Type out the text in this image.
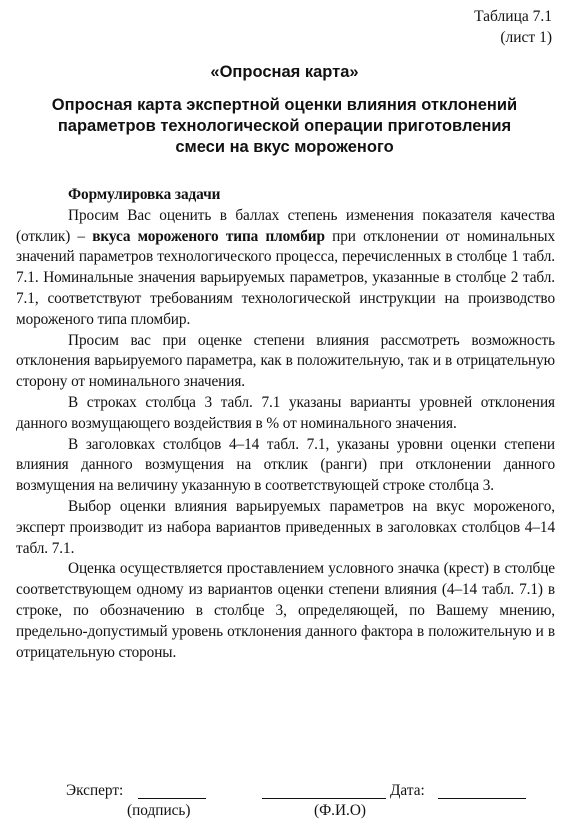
Таблица 7.1
(лист 1)
«Опросная карта»
Опросная карта экспертной оценки влияния отклонений
параметров технологической операции приготовления
смеси на вкус мороженого

Формулировка задачи

Просим Вас оценить в баллах степень изменения показателя качества (отклик) – вкуса мороженого типа пломбир при отклонении от номинальных значений параметров технологического процесса, перечисленных в столбце 1 табл. 7.1. Номинальные значения варьируемых параметров, указанные в столбце 2 табл. 7.1, соответствуют требованиям технологической инструкции на производство мороженого типа пломбир.

Просим вас при оценке степени влияния рассмотреть возможность отклонения варьируемого параметра, как в положительную, так и в отрицательную сторону от номинального значения.

В строках столбца 3 табл. 7.1 указаны варианты уровней отклонения данного возмущающего воздействия в % от номинального значения.

В заголовках столбцов 4–14 табл. 7.1, указаны уровни оценки степени влияния данного возмущения на отклик (ранги) при отклонении данного возмущения на величину указанную в соответствующей строке столбца 3.

Выбор оценки влияния варьируемых параметров на вкус мороженого, эксперт производит из набора вариантов приведенных в заголовках столбцов 4–14 табл. 7.1.

Оценка осуществляется проставлением условного значка (крест) в столбце соответствующем одному из вариантов оценки степени влияния (4–14 табл. 7.1) в строке, по обозначению в столбце 3, определяющей, по Вашему мнению, предельно-допустимый уровень отклонения данного фактора в положительную и в отрицательную стороны.

Эксперт:	Дата:
(подпись)	(Ф.И.О)
